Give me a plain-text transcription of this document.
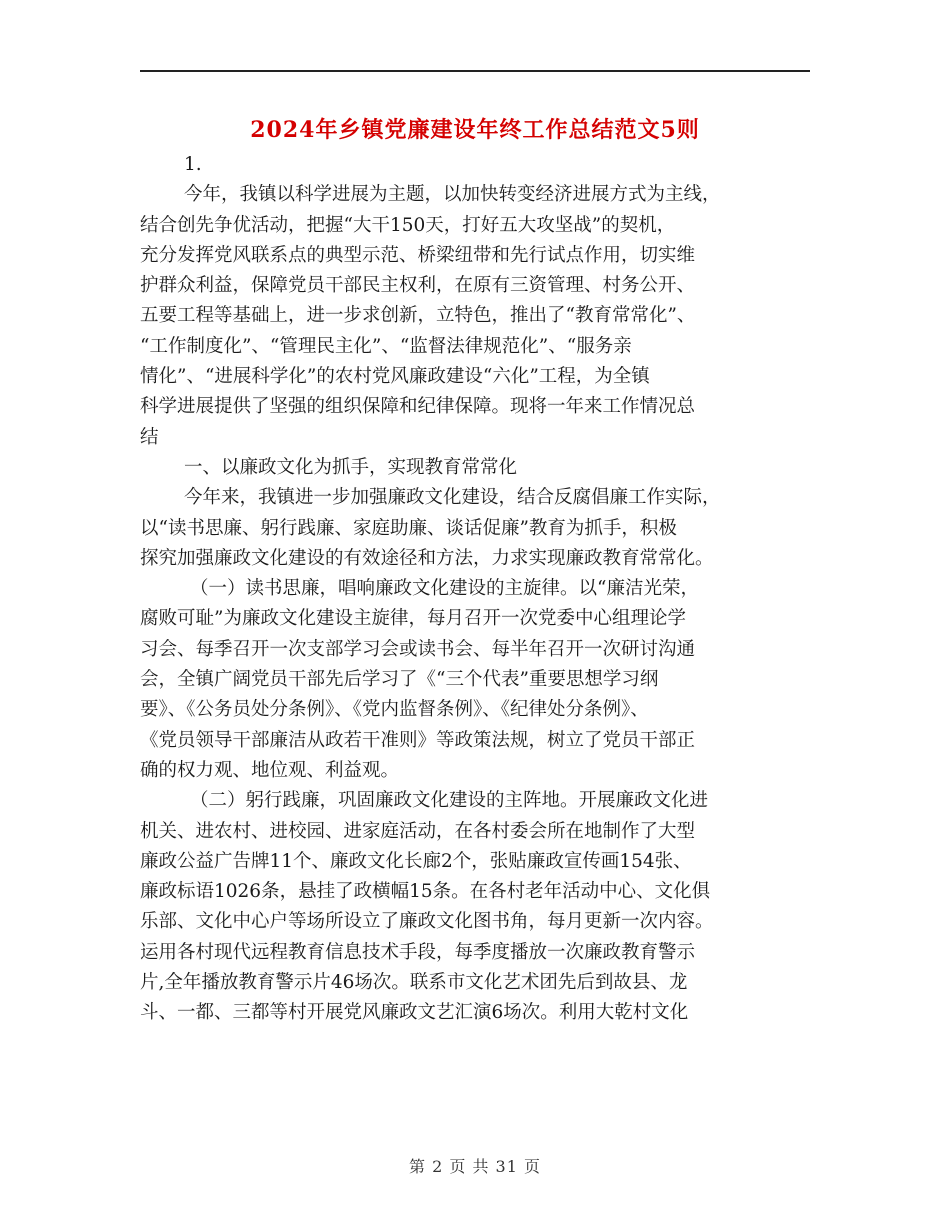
2024年乡镇党廉建设年终工作总结范文5则
1.

今年，我镇以科学进展为主题，以加快转变经济进展方式为主线，
结合创先争优活动，把握“大干150天，打好五大攻坚战”的契机，
充分发挥党风联系点的典型示范、桥梁纽带和先行试点作用，切实维
护群众利益，保障党员干部民主权利，在原有三资管理、村务公开、
五要工程等基础上，进一步求创新，立特色，推出了“教育常常化”、
“工作制度化”、“管理民主化”、“监督法律规范化”、“服务亲
情化”、“进展科学化”的农村党风廉政建设“六化”工程，为全镇
科学进展提供了坚强的组织保障和纪律保障。现将一年来工作情况总
结

一、以廉政文化为抓手，实现教育常常化

今年来，我镇进一步加强廉政文化建设，结合反腐倡廉工作实际，
以“读书思廉、躬行践廉、家庭助廉、谈话促廉”教育为抓手，积极
探究加强廉政文化建设的有效途径和方法，力求实现廉政教育常常化。

（一）读书思廉，唱响廉政文化建设的主旋律。以“廉洁光荣，
腐败可耻”为廉政文化建设主旋律，每月召开一次党委中心组理论学
习会、每季召开一次支部学习会或读书会、每半年召开一次研讨沟通
会，全镇广阔党员干部先后学习了《“三个代表”重要思想学习纲
要》、《公务员处分条例》、《党内监督条例》、《纪律处分条例》、
《党员领导干部廉洁从政若干准则》等政策法规，树立了党员干部正
确的权力观、地位观、利益观。

（二）躬行践廉，巩固廉政文化建设的主阵地。开展廉政文化进
机关、进农村、进校园、进家庭活动，在各村委会所在地制作了大型
廉政公益广告牌11个、廉政文化长廊2个，张贴廉政宣传画154张、
廉政标语1026条，悬挂了政横幅15条。在各村老年活动中心、文化俱
乐部、文化中心户等场所设立了廉政文化图书角，每月更新一次内容。
运用各村现代远程教育信息技术手段，每季度播放一次廉政教育警示
片,全年播放教育警示片46场次。联系市文化艺术团先后到故县、龙
斗、一都、三都等村开展党风廉政文艺汇演6场次。利用大乾村文化

第 2 页 共 31 页
